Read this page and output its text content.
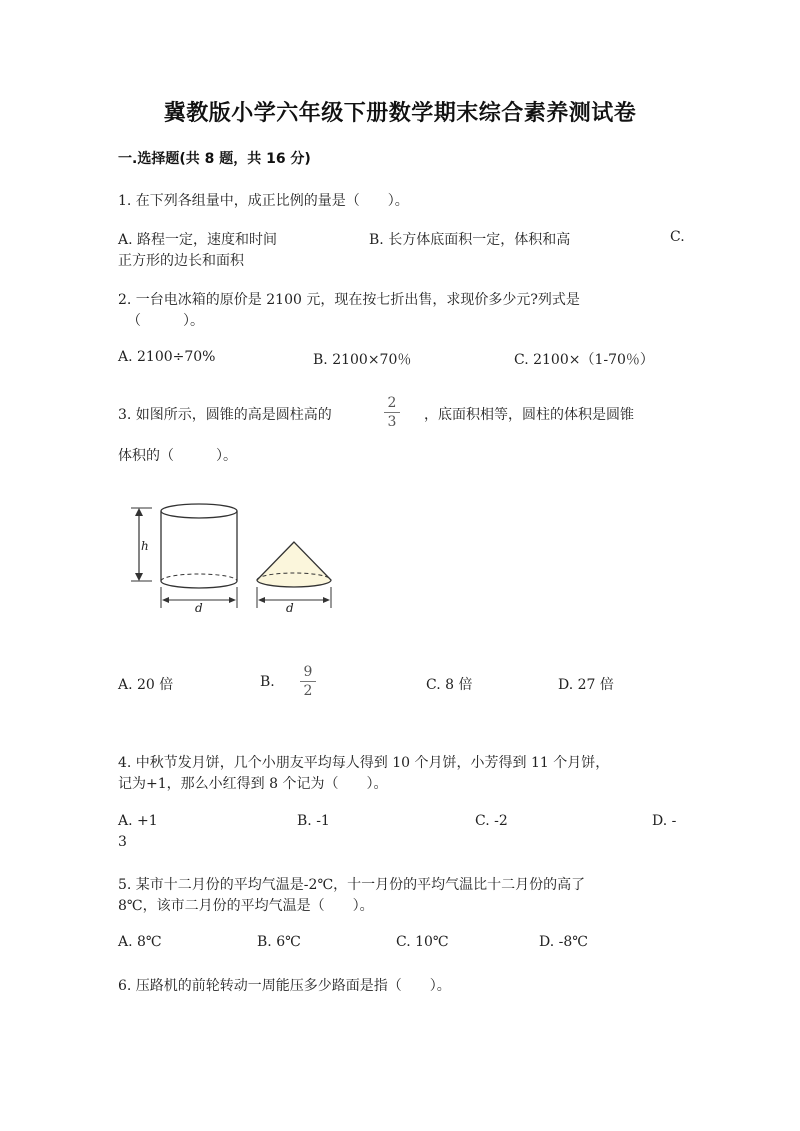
冀教版小学六年级下册数学期末综合素养测试卷
一.选择题(共 8 题，共 16 分)
1. 在下列各组量中，成正比例的量是（　　）。
A. 路程一定，速度和时间	B. 长方体底面积一定，体积和高	C.
正方形的边长和面积
2. 一台电冰箱的原价是 2100 元，现在按七折出售，求现价多少元?列式是
（　　　）。
A. 2100÷70%	B. 2100×70％	C. 2100×（1-70％）
3. 如图所示，圆锥的高是圆柱高的
2
3 ，底面积相等，圆柱的体积是圆锥
体积的（　　　）。
h
d	d
A. 20 倍	B.
9
2	C. 8 倍	D. 27 倍
4. 中秋节发月饼，几个小朋友平均每人得到 10 个月饼，小芳得到 11 个月饼，
记为+1，那么小红得到 8 个记为（　　）。
A. +1	B. -1	C. -2	D. -
3
5. 某市十二月份的平均气温是-2℃，十一月份的平均气温比十二月份的高了
8℃，该市二月份的平均气温是（　　）。
A. 8℃	B. 6℃	C. 10℃	D. -8℃
6. 压路机的前轮转动一周能压多少路面是指（　　）。
